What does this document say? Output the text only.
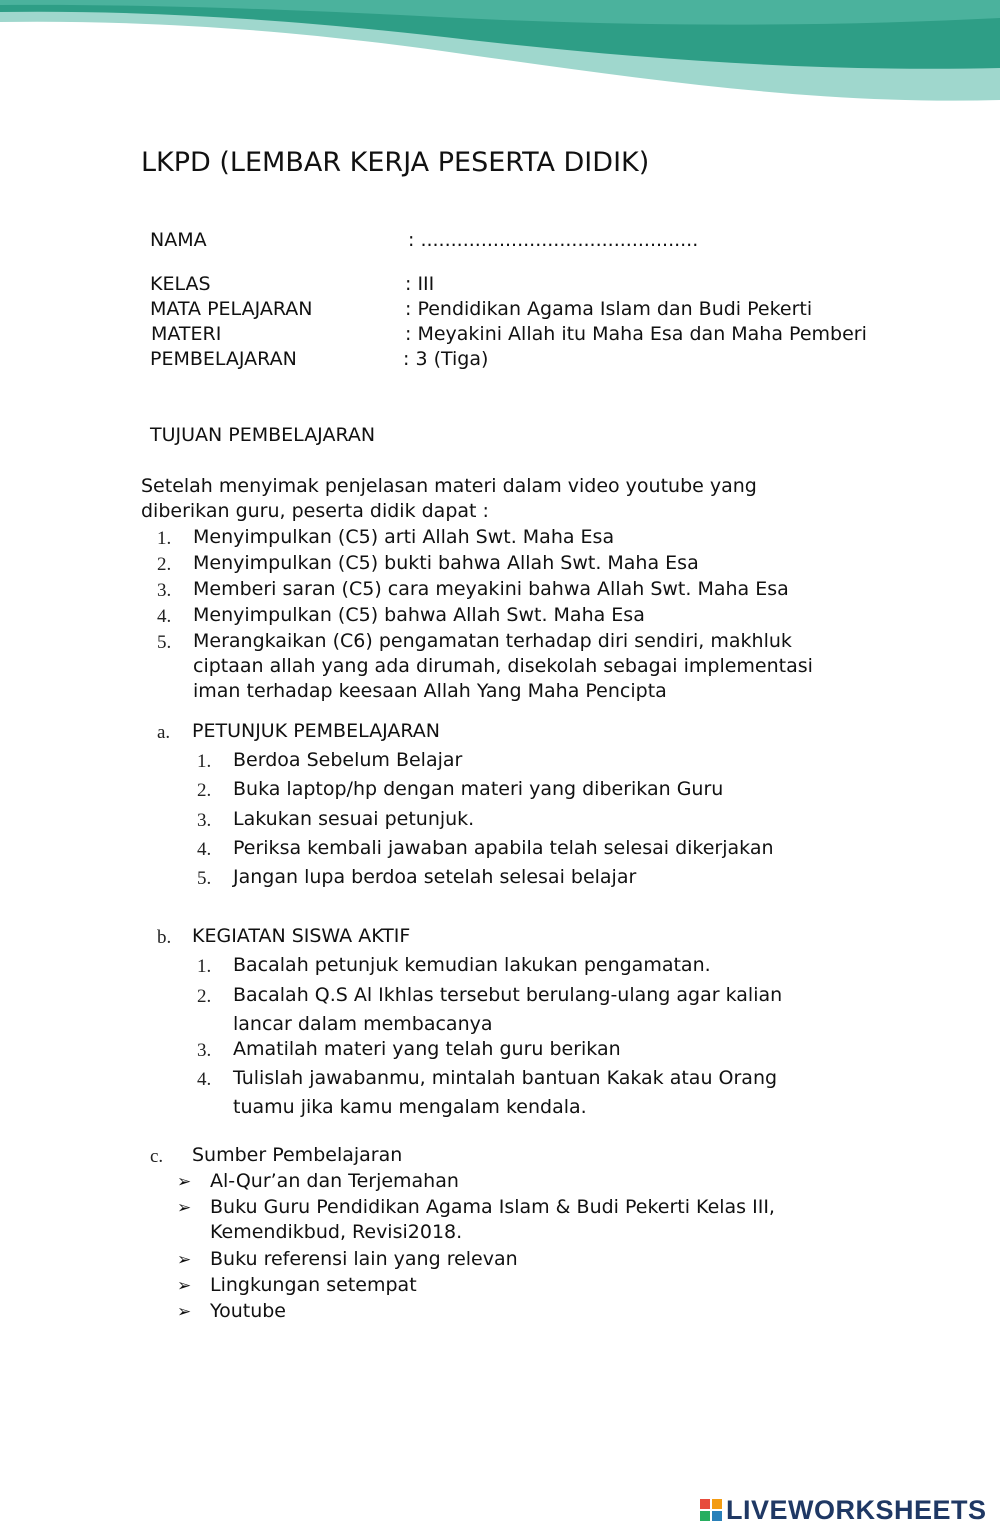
LKPD (LEMBAR KERJA PESERTA DIDIK)
NAMA	: ..............................................
KELAS	: III
MATA PELAJARAN	: Pendidikan Agama Islam dan Budi Pekerti
MATERI	: Meyakini Allah itu Maha Esa dan Maha Pemberi
PEMBELAJARAN	: 3 (Tiga)
TUJUAN PEMBELAJARAN
Setelah menyimak penjelasan materi dalam video youtube yang
diberikan guru, peserta didik dapat :
1. Menyimpulkan (C5) arti Allah Swt. Maha Esa
2. Menyimpulkan (C5) bukti bahwa Allah Swt. Maha Esa
3. Memberi saran (C5) cara meyakini bahwa Allah Swt. Maha Esa
4. Menyimpulkan (C5) bahwa Allah Swt. Maha Esa
5. Merangkaikan (C6) pengamatan terhadap diri sendiri, makhluk
ciptaan allah yang ada dirumah, disekolah sebagai implementasi
iman terhadap keesaan Allah Yang Maha Pencipta
a. PETUNJUK PEMBELAJARAN
1. Berdoa Sebelum Belajar
2. Buka laptop/hp dengan materi yang diberikan Guru
3. Lakukan sesuai petunjuk.
4. Periksa kembali jawaban apabila telah selesai dikerjakan
5. Jangan lupa berdoa setelah selesai belajar
b. KEGIATAN SISWA AKTIF
1. Bacalah petunjuk kemudian lakukan pengamatan.
2. Bacalah Q.S Al Ikhlas tersebut berulang-ulang agar kalian
lancar dalam membacanya
3. Amatilah materi yang telah guru berikan
4. Tulislah jawabanmu, mintalah bantuan Kakak atau Orang
tuamu jika kamu mengalam kendala.
c. Sumber Pembelajaran
➢ Al-Qur’an dan Terjemahan
➢ Buku Guru Pendidikan Agama Islam & Budi Pekerti Kelas III,
Kemendikbud, Revisi2018.
➢ Buku referensi lain yang relevan
➢ Lingkungan setempat
➢ Youtube
LIVEWORKSHEETS
